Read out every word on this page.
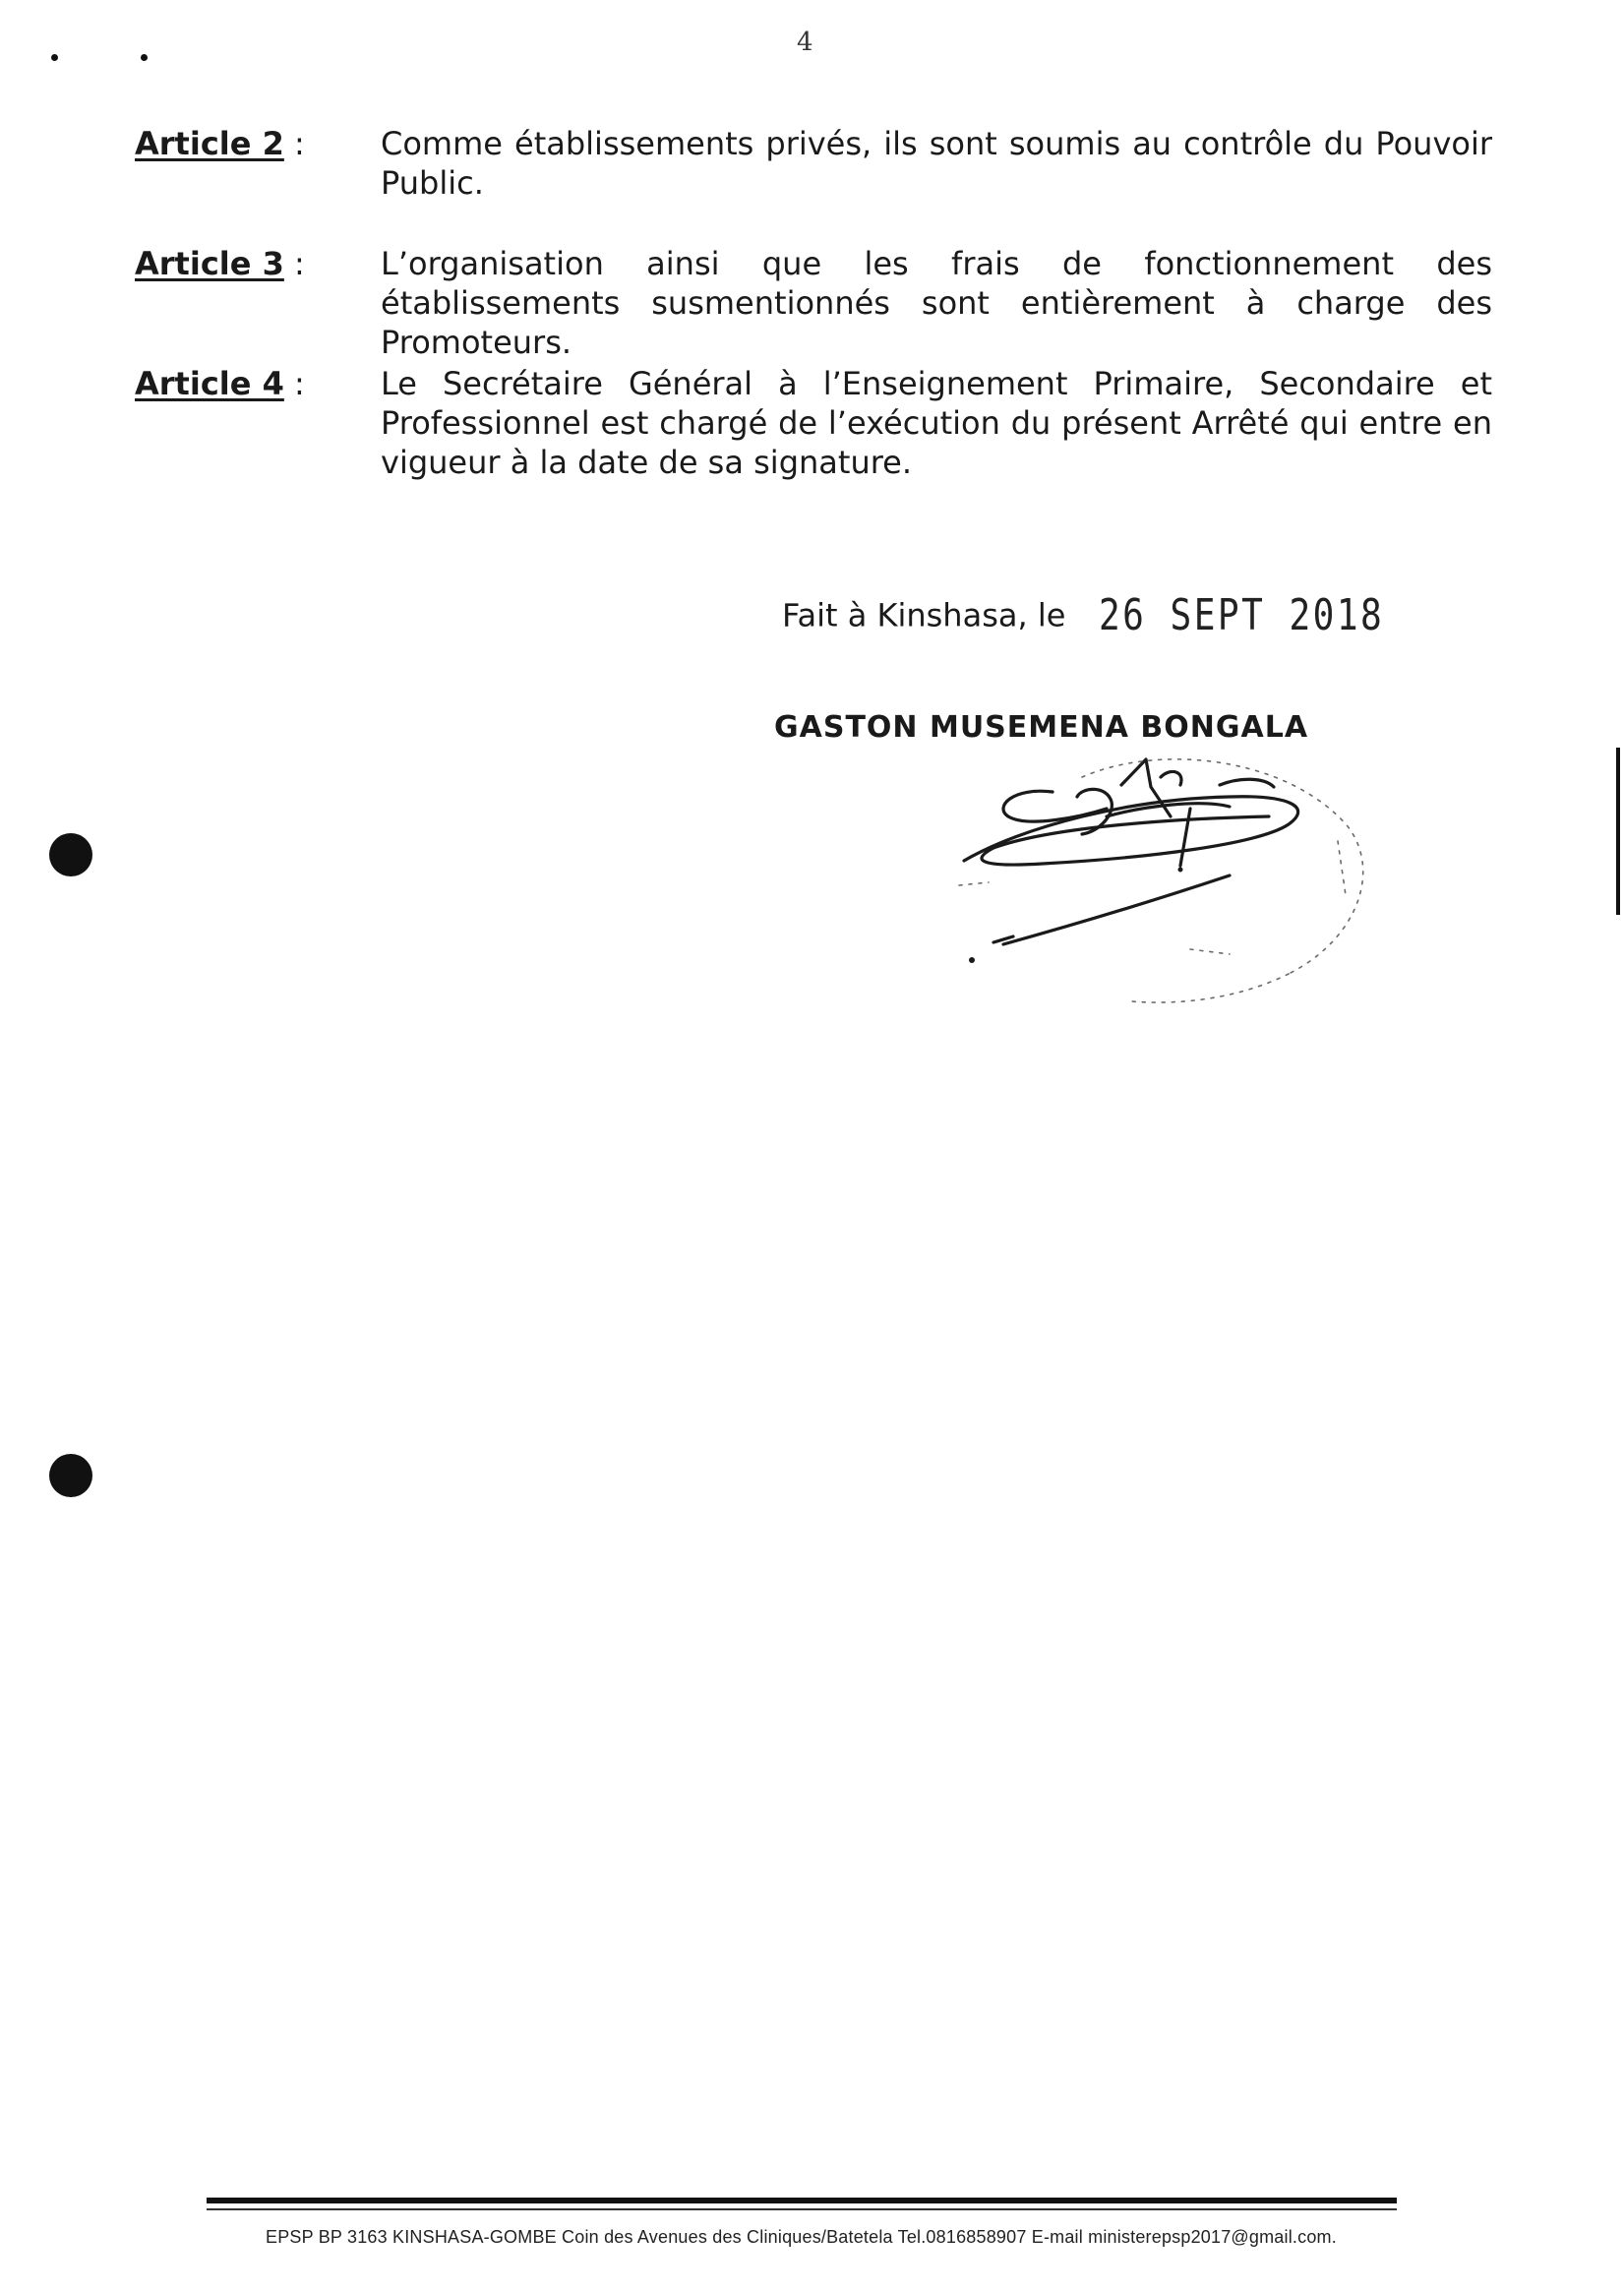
4
Article 2 : Comme établissements privés, ils sont soumis au contrôle du Pouvoir Public.
Article 3 : L’organisation ainsi que les frais de fonctionnement des établissements susmentionnés sont entièrement à charge des Promoteurs.
Article 4 : Le Secrétaire Général à l’Enseignement Primaire, Secondaire et Professionnel est chargé de l’exécution du présent Arrêté qui entre en vigueur à la date de sa signature.
Fait à Kinshasa, le 26 SEPT 2018
GASTON MUSEMENA BONGALA
EPSP BP 3163 KINSHASA-GOMBE Coin des Avenues des Cliniques/Batetela Tel.0816858907 E-mail ministerepsp2017@gmail.com.
